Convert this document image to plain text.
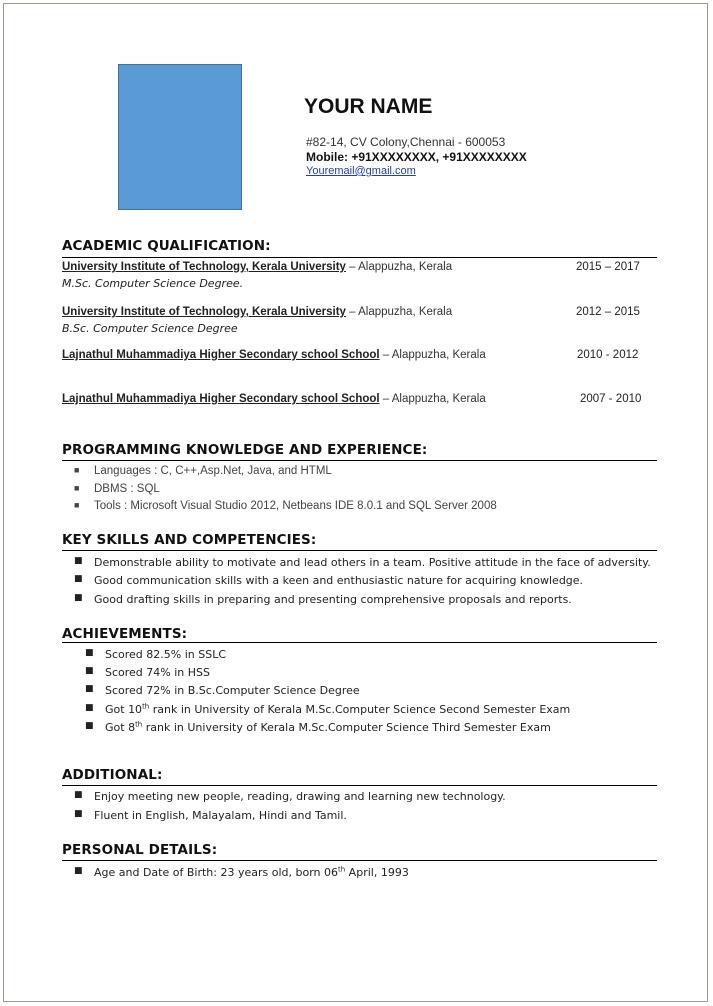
YOUR NAME
#82-14, CV Colony,Chennai - 600053
Mobile: +91XXXXXXXX, +91XXXXXXXX
Youremail@gmail.com
ACADEMIC QUALIFICATION:
University Institute of Technology, Kerala University – Alappuzha, Kerala	2015 – 2017
M.Sc. Computer Science Degree.
University Institute of Technology, Kerala University – Alappuzha, Kerala	2012 – 2015
B.Sc. Computer Science Degree
Lajnathul Muhammadiya Higher Secondary school School – Alappuzha, Kerala	2010 - 2012
Lajnathul Muhammadiya Higher Secondary school School – Alappuzha, Kerala	2007 - 2010
PROGRAMMING KNOWLEDGE AND EXPERIENCE:
■ Languages : C, C++,Asp.Net, Java, and HTML
■ DBMS : SQL
■ Tools : Microsoft Visual Studio 2012, Netbeans IDE 8.0.1 and SQL Server 2008
KEY SKILLS AND COMPETENCIES:
■ Demonstrable ability to motivate and lead others in a team. Positive attitude in the face of adversity.
■ Good communication skills with a keen and enthusiastic nature for acquiring knowledge.
■ Good drafting skills in preparing and presenting comprehensive proposals and reports.
ACHIEVEMENTS:
■ Scored 82.5% in SSLC
■ Scored 74% in HSS
■ Scored 72% in B.Sc.Computer Science Degree
■ Got 10th rank in University of Kerala M.Sc.Computer Science Second Semester Exam
■ Got 8th rank in University of Kerala M.Sc.Computer Science Third Semester Exam
ADDITIONAL:
■ Enjoy meeting new people, reading, drawing and learning new technology.
■ Fluent in English, Malayalam, Hindi and Tamil.
PERSONAL DETAILS:
■ Age and Date of Birth: 23 years old, born 06th April, 1993
